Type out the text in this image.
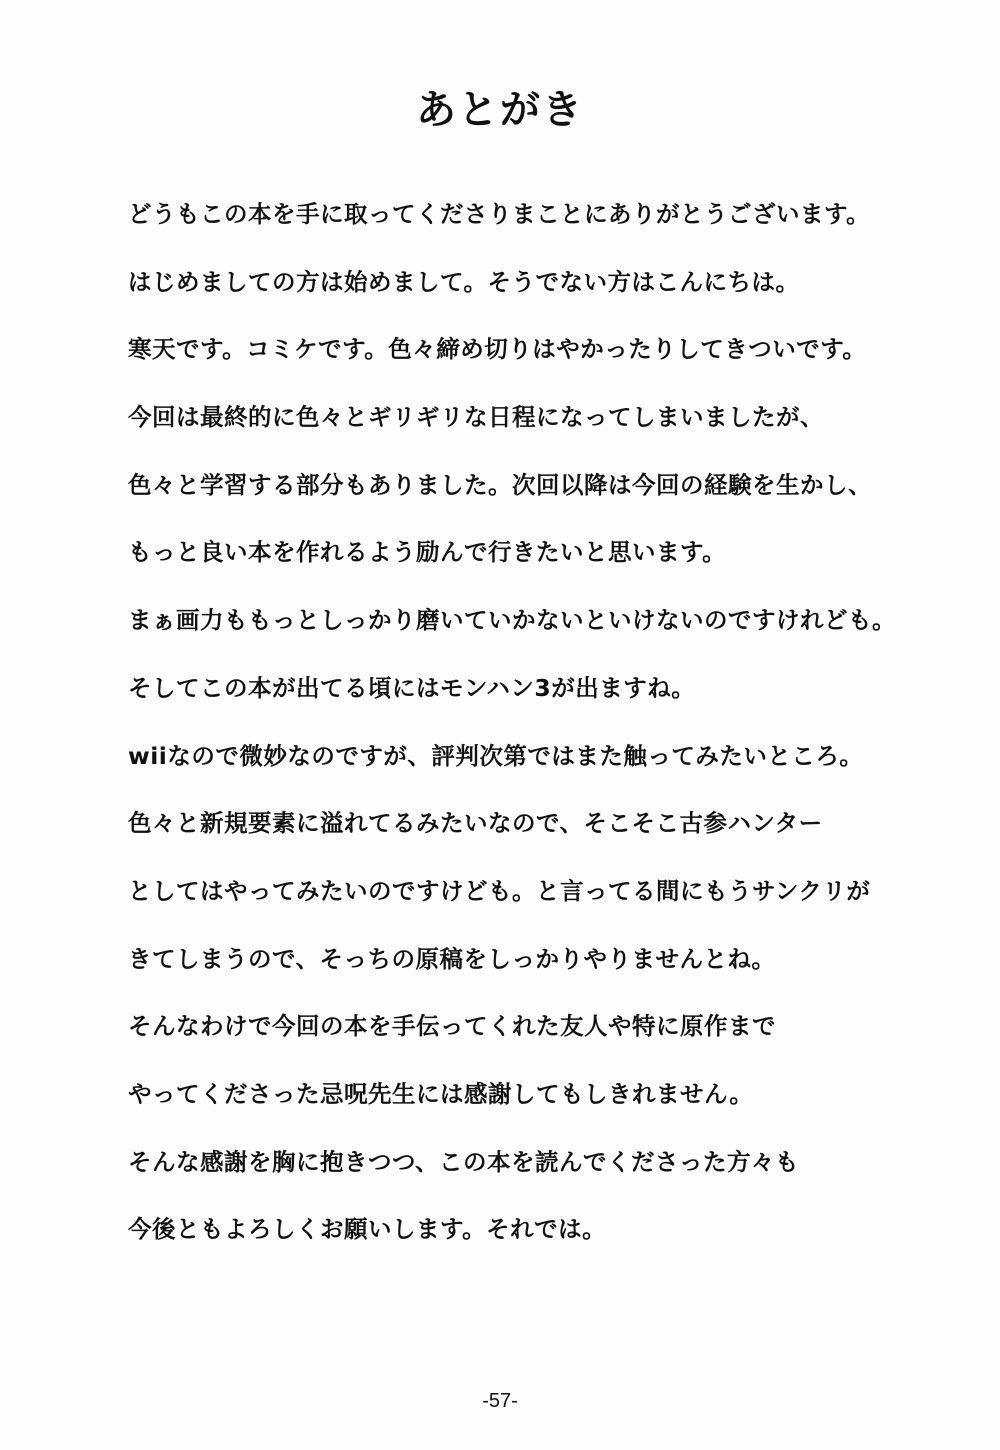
あとがき
どうもこの本を手に取ってくださりまことにありがとうございます。
はじめましての方は始めまして。そうでない方はこんにちは。
寒天です。コミケです。色々締め切りはやかったりしてきついです。
今回は最終的に色々とギリギリな日程になってしまいましたが、
色々と学習する部分もありました。次回以降は今回の経験を生かし、
もっと良い本を作れるよう励んで行きたいと思います。
まぁ画力ももっとしっかり磨いていかないといけないのですけれども。
そしてこの本が出てる頃にはモンハン3が出ますね。
wiiなので微妙なのですが、評判次第ではまた触ってみたいところ。
色々と新規要素に溢れてるみたいなので、そこそこ古参ハンター
としてはやってみたいのですけども。と言ってる間にもうサンクリが
きてしまうので、そっちの原稿をしっかりやりませんとね。
そんなわけで今回の本を手伝ってくれた友人や特に原作まで
やってくださった忌呪先生には感謝してもしきれません。
そんな感謝を胸に抱きつつ、この本を読んでくださった方々も
今後ともよろしくお願いします。それでは。
-57-
